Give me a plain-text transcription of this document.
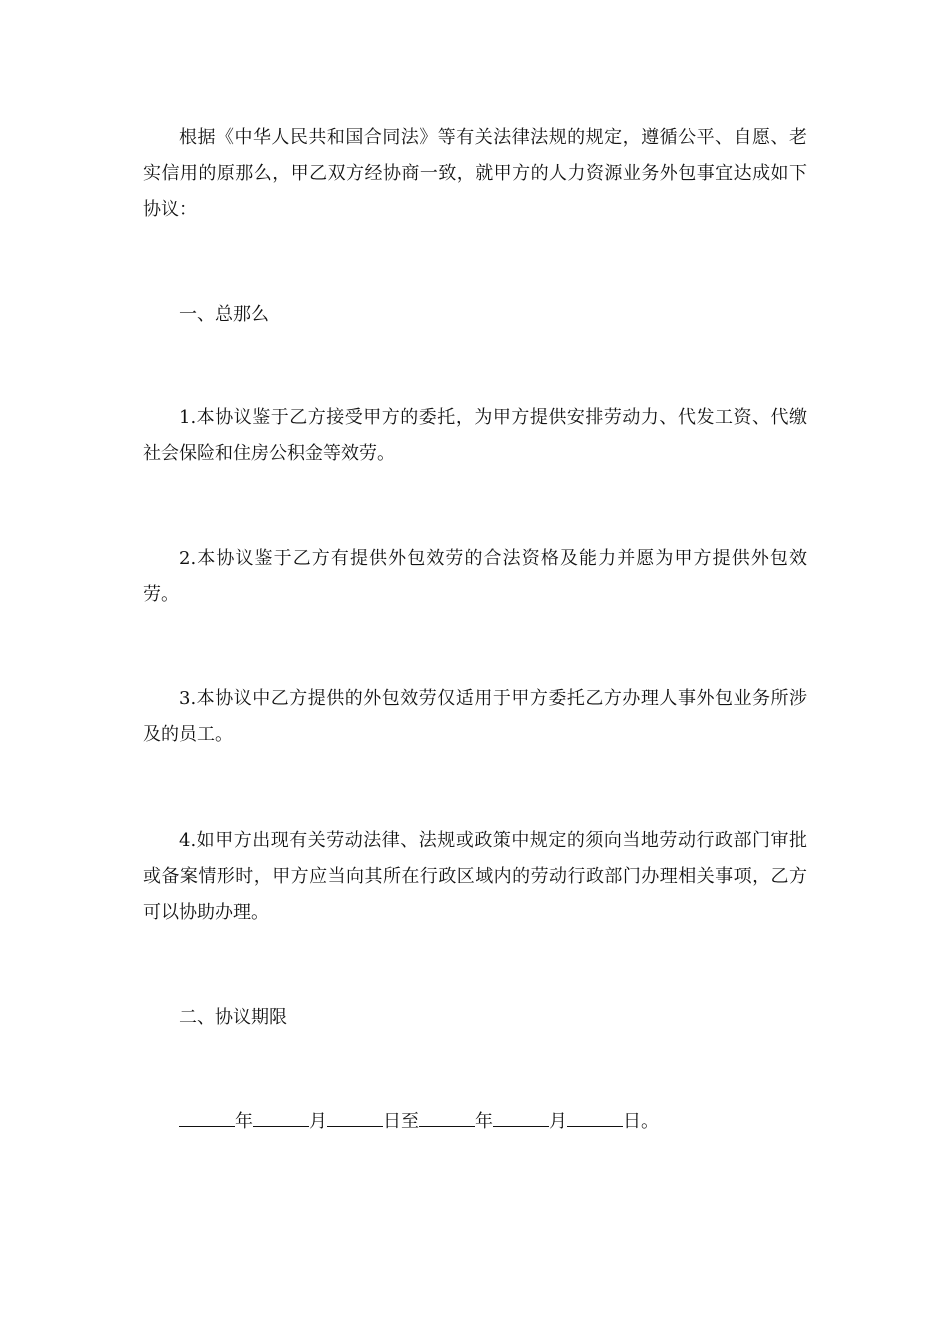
根据《中华人民共和国合同法》等有关法律法规的规定，遵循公平、自愿、老实信用的原那么，甲乙双方经协商一致，就甲方的人力资源业务外包事宜达成如下协议：

一、总那么

1.本协议鉴于乙方接受甲方的委托，为甲方提供安排劳动力、代发工资、代缴社会保险和住房公积金等效劳。

2.本协议鉴于乙方有提供外包效劳的合法资格及能力并愿为甲方提供外包效劳。

3.本协议中乙方提供的外包效劳仅适用于甲方委托乙方办理人事外包业务所涉及的员工。

4.如甲方出现有关劳动法律、法规或政策中规定的须向当地劳动行政部门审批或备案情形时，甲方应当向其所在行政区域内的劳动行政部门办理相关事项，乙方可以协助办理。

二、协议期限

年	月	日至	年	月	日。
